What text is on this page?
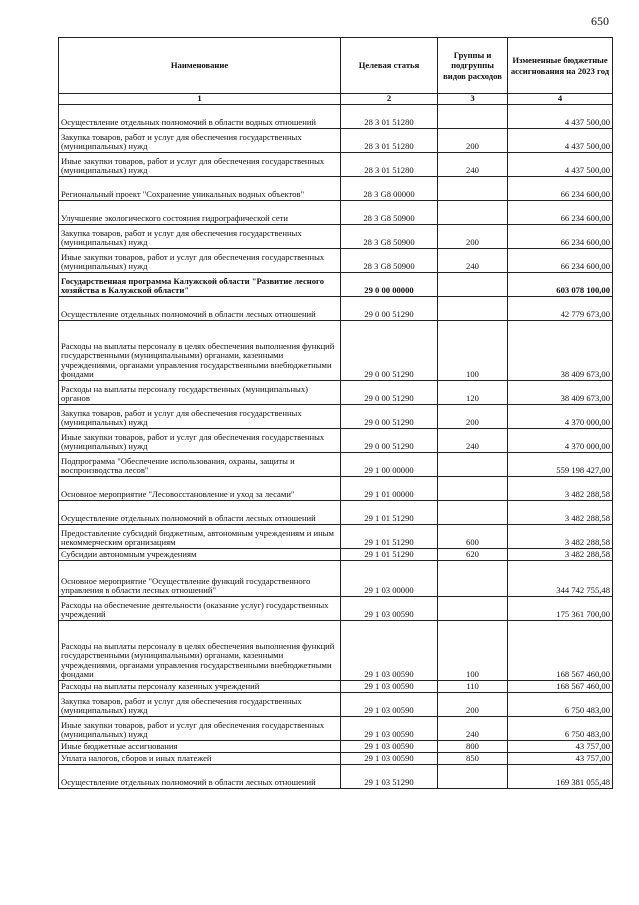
650
Наименование	Целевая статья	Группы и подгруппы видов расходов	Измененные бюджетные ассигнования на 2023 год
1	2	3	4
Осуществление отдельных полномочий в области водных отношений	28 3 01 51280		4 437 500,00
Закупка товаров, работ и услуг для обеспечения государственных (муниципальных) нужд	28 3 01 51280	200	4 437 500,00
Иные закупки товаров, работ и услуг для обеспечения государственных (муниципальных) нужд	28 3 01 51280	240	4 437 500,00
Региональный проект "Сохранение уникальных водных объектов"	28 3 G8 00000		66 234 600,00
Улучшение экологического состояния гидрографической сети	28 3 G8 50900		66 234 600,00
Закупка товаров, работ и услуг для обеспечения государственных (муниципальных) нужд	28 3 G8 50900	200	66 234 600,00
Иные закупки товаров, работ и услуг для обеспечения государственных (муниципальных) нужд	28 3 G8 50900	240	66 234 600,00
Государственная программа Калужской области "Развитие лесного хозяйства в Калужской области"	29 0 00 00000		603 078 100,00
Осуществление отдельных полномочий в области лесных отношений	29 0 00 51290		42 779 673,00
Расходы на выплаты персоналу в целях обеспечения выполнения функций государственными (муниципальными) органами, казенными учреждениями, органами управления государственными внебюджетными фондами	29 0 00 51290	100	38 409 673,00
Расходы на выплаты персоналу государственных (муниципальных) органов	29 0 00 51290	120	38 409 673,00
Закупка товаров, работ и услуг для обеспечения государственных (муниципальных) нужд	29 0 00 51290	200	4 370 000,00
Иные закупки товаров, работ и услуг для обеспечения государственных (муниципальных) нужд	29 0 00 51290	240	4 370 000,00
Подпрограмма "Обеспечение использования, охраны, защиты и воспроизводства лесов"	29 1 00 00000		559 198 427,00
Основное мероприятие "Лесовосстановление и уход за лесами"	29 1 01 00000		3 482 288,58
Осуществление отдельных полномочий в области лесных отношений	29 1 01 51290		3 482 288,58
Предоставление субсидий бюджетным, автономным учреждениям и иным некоммерческим организациям	29 1 01 51290	600	3 482 288,58
Субсидии автономным учреждениям	29 1 01 51290	620	3 482 288,58
Основное мероприятие "Осуществление функций государственного управления в области лесных отношений"	29 1 03 00000		344 742 755,48
Расходы на обеспечение деятельности (оказание услуг) государственных учреждений	29 1 03 00590		175 361 700,00
Расходы на выплаты персоналу в целях обеспечения выполнения функций государственными (муниципальными) органами, казенными учреждениями, органами управления государственными внебюджетными фондами	29 1 03 00590	100	168 567 460,00
Расходы на выплаты персоналу казенных учреждений	29 1 03 00590	110	168 567 460,00
Закупка товаров, работ и услуг для обеспечения государственных (муниципальных) нужд	29 1 03 00590	200	6 750 483,00
Иные закупки товаров, работ и услуг для обеспечения государственных (муниципальных) нужд	29 1 03 00590	240	6 750 483,00
Иные бюджетные ассигнования	29 1 03 00590	800	43 757,00
Уплата налогов, сборов и иных платежей	29 1 03 00590	850	43 757,00
Осуществление отдельных полномочий в области лесных отношений	29 1 03 51290		169 381 055,48
